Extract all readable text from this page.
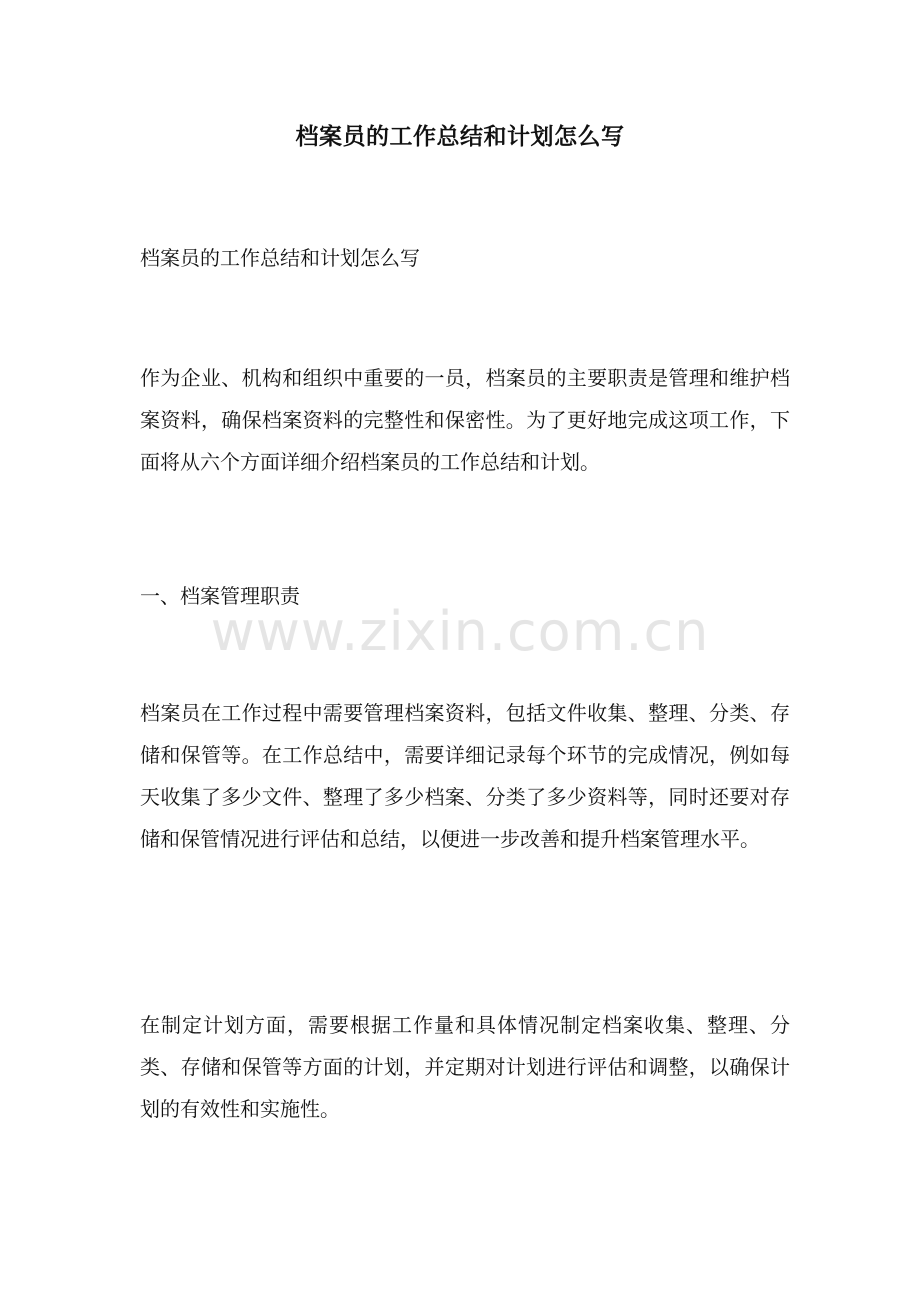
档案员的工作总结和计划怎么写

档案员的工作总结和计划怎么写

作为企业、机构和组织中重要的一员，档案员的主要职责是管理和维护档案资料，确保档案资料的完整性和保密性。为了更好地完成这项工作，下面将从六个方面详细介绍档案员的工作总结和计划。

一、档案管理职责

档案员在工作过程中需要管理档案资料，包括文件收集、整理、分类、存储和保管等。在工作总结中，需要详细记录每个环节的完成情况，例如每天收集了多少文件、整理了多少档案、分类了多少资料等，同时还要对存储和保管情况进行评估和总结，以便进一步改善和提升档案管理水平。

在制定计划方面，需要根据工作量和具体情况制定档案收集、整理、分类、存储和保管等方面的计划，并定期对计划进行评估和调整，以确保计划的有效性和实施性。

www.zixin.com.cn
